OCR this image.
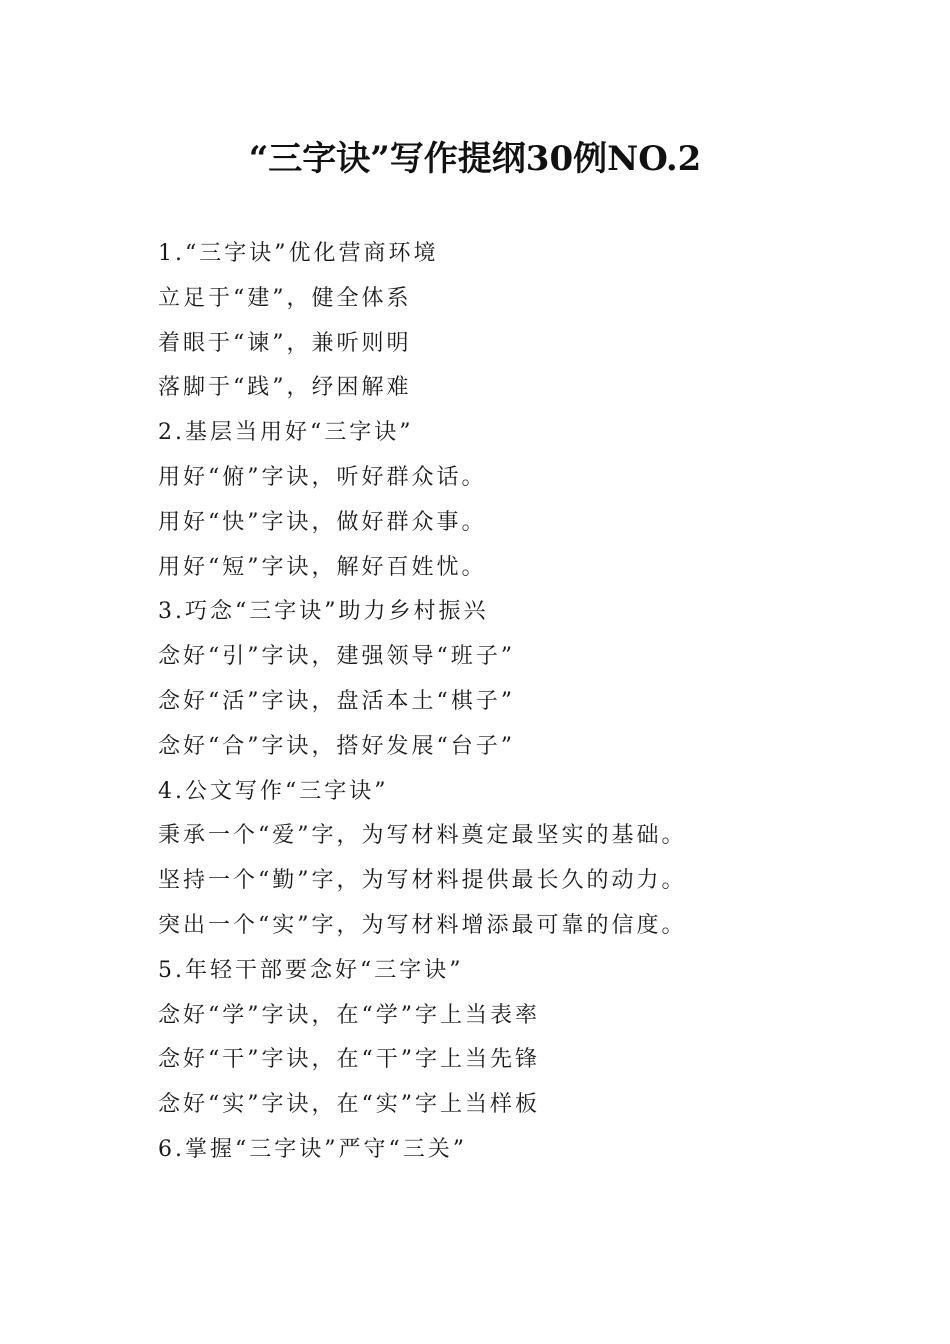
“三字诀”写作提纲30例NO.2
1.“三字诀”优化营商环境
立足于“建”，健全体系
着眼于“谏”，兼听则明
落脚于“践”，纾困解难
2.基层当用好“三字诀”
用好“俯”字诀，听好群众话。
用好“快”字诀，做好群众事。
用好“短”字诀，解好百姓忧。
3.巧念“三字诀”助力乡村振兴
念好“引”字诀，建强领导“班子”
念好“活”字诀，盘活本土“棋子”
念好“合”字诀，搭好发展“台子”
4.公文写作“三字诀”
秉承一个“爱”字，为写材料奠定最坚实的基础。
坚持一个“勤”字，为写材料提供最长久的动力。
突出一个“实”字，为写材料增添最可靠的信度。
5.年轻干部要念好“三字诀”
念好“学”字诀，在“学”字上当表率
念好“干”字诀，在“干”字上当先锋
念好“实”字诀，在“实”字上当样板
6.掌握“三字诀”严守“三关”
